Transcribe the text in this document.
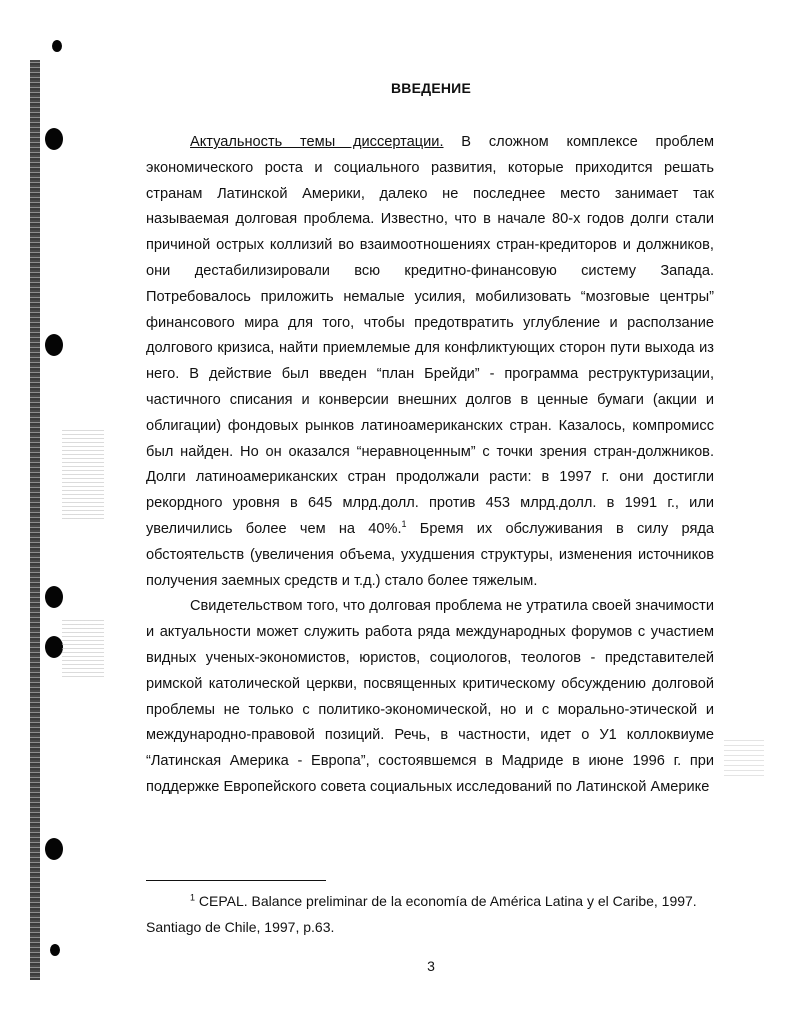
ВВЕДЕНИЕ

Актуальность темы диссертации. В сложном комплексе проблем экономического роста и социального развития, которые приходится решать странам Латинской Америки, далеко не последнее место занимает так называемая долговая проблема. Известно, что в начале 80-х годов долги стали причиной острых коллизий во взаимоотношениях стран-кредиторов и должников, они дестабилизировали всю кредитно-финансовую систему Запада. Потребовалось приложить немалые усилия, мобилизовать “мозговые центры” финансового мира для того, чтобы предотвратить углубление и расползание долгового кризиса, найти приемлемые для конфликтующих сторон пути выхода из него. В действие был введен “план Брейди” - программа реструктуризации, частичного списания и конверсии внешних долгов в ценные бумаги (акции и облигации) фондовых рынков латиноамериканских стран. Казалось, компромисс был найден. Но он оказался “неравноценным” с точки зрения стран-должников. Долги латиноамериканских стран продолжали расти: в 1997 г. они достигли рекордного уровня в 645 млрд.долл. против 453 млрд.долл. в 1991 г., или увеличились более чем на 40%.$^1$ Бремя их обслуживания в силу ряда обстоятельств (увеличения объема, ухудшения структуры, изменения источников получения заемных средств и т.д.) стало более тяжелым.

Свидетельством того, что долговая проблема не утратила своей значимости и актуальности может служить работа ряда международных форумов с участием видных ученых-экономистов, юристов, социологов, теологов - представителей римской католической церкви, посвященных критическому обсуждению долговой проблемы не только с политико-экономической, но и с морально-этической и международно-правовой позиций. Речь, в частности, идет о У1 коллоквиуме “Латинская Америка - Европа”, состоявшемся в Мадриде в июне 1996 г. при поддержке Европейского совета социальных исследований по Латинской Америке

$^1$ CEPAL. Balance preliminar de la economía de América Latina y el Caribe, 1997. Santiago de Chile, 1997, p.63.

3
